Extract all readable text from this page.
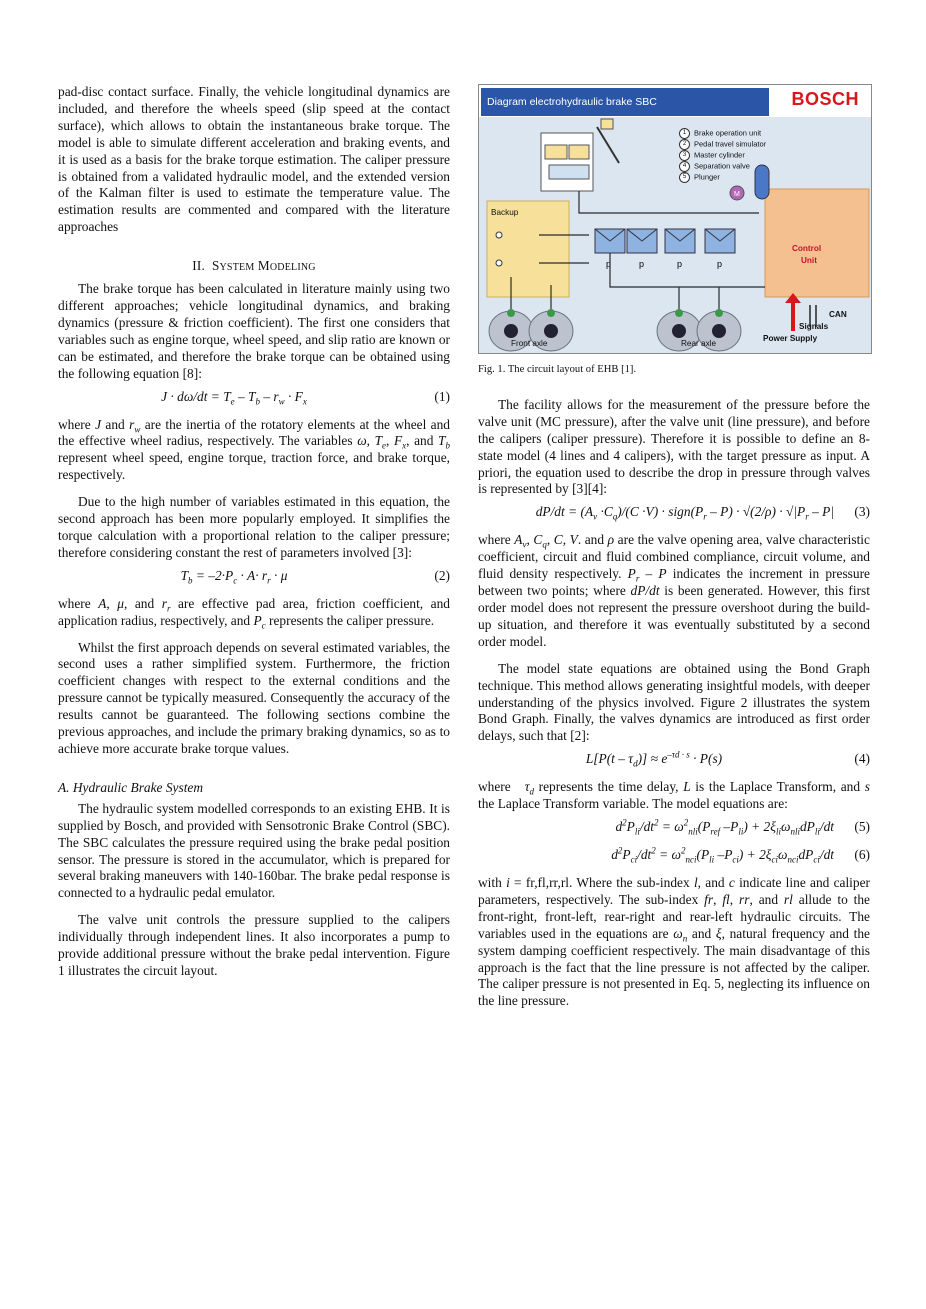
pad-disc contact surface. Finally, the vehicle longitudinal dynamics are included, and therefore the wheels speed (slip speed at the contact surface), which allows to obtain the instantaneous brake torque. The model is able to simulate different acceleration and braking events, and it is used as a basis for the brake torque estimation. The caliper pressure is obtained from a validated hydraulic model, and the extended version of the Kalman filter is used to estimate the temperature value. The estimation results are commented and compared with the literature approaches

II.  SYSTEM MODELING

The brake torque has been calculated in literature mainly using two different approaches; vehicle longitudinal dynamics, and braking dynamics (pressure & friction coefficient). The first one considers that variables such as engine torque, wheel speed, and slip ratio are known or can be estimated, and therefore the brake torque can be obtained using the following equation [8]:

$J \cdot d\omega/dt = T_e - T_b - r_w \cdot F_x$	(1)

where J and $r_w$ are the inertia of the rotatory elements at the wheel and the effective wheel radius, respectively. The variables ω, $T_e$, $F_x$, and $T_b$ represent wheel speed, engine torque, traction force, and brake torque, respectively.

Due to the high number of variables estimated in this equation, the second approach has been more popularly employed. It simplifies the torque calculation with a proportional relation to the caliper pressure; therefore considering constant the rest of parameters involved [3]:

$T_b = -2\cdot P_c \cdot A\cdot r_r \cdot \mu$	(2)

where A, μ, and $r_r$ are effective pad area, friction coefficient, and application radius, respectively, and $P_c$ represents the caliper pressure.

Whilst the first approach depends on several estimated variables, the second uses a rather simplified system. Furthermore, the friction coefficient changes with respect to the external conditions and the pressure cannot be typically measured. Consequently the accuracy of the results cannot be guaranteed. The following sections combine the previous approaches, and include the primary braking dynamics, so as to achieve more accurate brake torque values.

A. Hydraulic Brake System

The hydraulic system modelled corresponds to an existing EHB. It is supplied by Bosch, and provided with Sensotronic Brake Control (SBC). The SBC calculates the pressure required using the brake pedal position sensor. The pressure is stored in the accumulator, which is prepared for several braking maneuvers with 140-160bar. The brake pedal response is connected to a hydraulic pedal emulator.

The valve unit controls the pressure supplied to the calipers individually through independent lines. It also incorporates a pump to provide additional pressure without the brake pedal intervention. Figure 1 illustrates the circuit layout.

Diagram electrohydraulic brake SBC	BOSCH
M
p	p	p	p
1 Brake operation unit
2 Pedal travel simulator
3 Master cylinder
4 Separation valve
5 Plunger
Backup
Control
Unit
CAN
Signals
Power Supply
Front axle	Rear axle
Fig. 1. The circuit layout of EHB [1].

The facility allows for the measurement of the pressure before the valve unit (MC pressure), after the valve unit (line pressure), and before the calipers (caliper pressure). Therefore it is possible to define an 8-state model (4 lines and 4 calipers), with the target pressure as input. A priori, the equation used to describe the drop in pressure through valves is represented by [3][4]:

$dP/dt = (A_v \cdot C_q)/(C \cdot V)$ · $sign(P_r - P) \cdot √(2/\rho) \cdot √|P_r - P|$ (3)

where $A_v$, $C_q$, C, V. and ρ are the valve opening area, valve characteristic coefficient, circuit and fluid combined compliance, circuit volume, and fluid density respectively. $P_r$ – P indicates the increment in pressure between two points; where dP/dt is been generated. However, this first order model does not represent the pressure overshoot during the build-up situation, and therefore it was eventually substituted by a second order model.

The model state equations are obtained using the Bond Graph technique. This method allows generating insightful models, with deeper understanding of the physics involved. Figure 2 illustrates the system Bond Graph. Finally, the valves dynamics are introduced as first order delays, such that [2]:

$L[P(t - \tau_d)] \approx e^{-\tau d \cdot s} \cdot P(s)$	(4)

where $\tau_d$ represents the time delay, L is the Laplace Transform, and s the Laplace Transform variable. The model equations are:

$d^2P_{li}/dt^2 = \omega^2_{nli}(P_{ref}$ $-P_{li}) + 2\xi_{li}\omega_{nli}dP_{li}/dt$ (5)
$d^2P_{ci}/dt^2 = \omega^2_{nci}(P_{li}$ $-P_{ci}) + 2\xi_{ci}\omega_{nci}dP_{ci}/dt$ (6)

with i = fr,fl,rr,rl. Where the sub-index l, and c indicate line and caliper parameters, respectively. The sub-index fr, fl, rr, and rl allude to the front-right, front-left, rear-right and rear-left hydraulic circuits. The variables used in the equations are $\omega_n$ and ξ, natural frequency and the system damping coefficient respectively. The main disadvantage of this approach is the fact that the line pressure is not affected by the caliper. The caliper pressure is not presented in Eq. 5, neglecting its influence on the line pressure.
